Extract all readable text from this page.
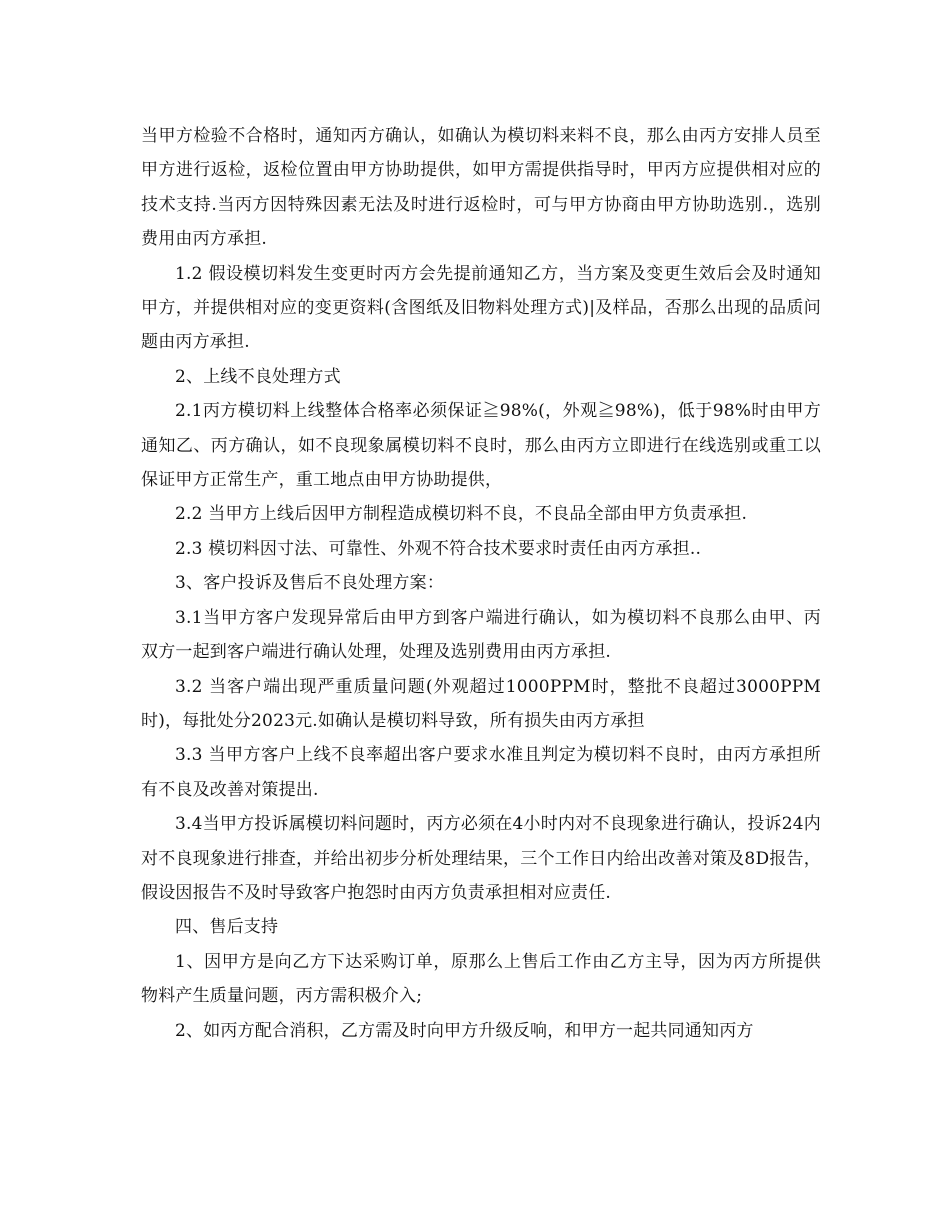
当甲方检验不合格时，通知丙方确认，如确认为模切料来料不良，那么由丙方安排人员至甲方进行返检，返检位置由甲方协助提供，如甲方需提供指导时，甲丙方应提供相对应的技术支持.当丙方因特殊因素无法及时进行返检时，可与甲方协商由甲方协助选别.，选别费用由丙方承担.

1.2 假设模切料发生变更时丙方会先提前通知乙方，当方案及变更生效后会及时通知甲方，并提供相对应的变更资料(含图纸及旧物料处理方式)|及样品，否那么出现的品质问题由丙方承担.

2、上线不良处理方式

2.1丙方模切料上线整体合格率必须保证≧98%(，外观≧98%)，低于98%时由甲方通知乙、丙方确认，如不良现象属模切料不良时，那么由丙方立即进行在线选别或重工以保证甲方正常生产，重工地点由甲方协助提供，

2.2 当甲方上线后因甲方制程造成模切料不良，不良品全部由甲方负责承担.

2.3 模切料因寸法、可靠性、外观不符合技术要求时责任由丙方承担..

3、客户投诉及售后不良处理方案：

3.1当甲方客户发现异常后由甲方到客户端进行确认，如为模切料不良那么由甲、丙双方一起到客户端进行确认处理，处理及选别费用由丙方承担.

3.2 当客户端出现严重质量问题(外观超过1000PPM时，整批不良超过3000PPM时)，每批处分2023元.如确认是模切料导致，所有损失由丙方承担

3.3 当甲方客户上线不良率超出客户要求水准且判定为模切料不良时，由丙方承担所有不良及改善对策提出.

3.4当甲方投诉属模切料问题时，丙方必须在4小时内对不良现象进行确认，投诉24内对不良现象进行排查，并给出初步分析处理结果，三个工作日内给出改善对策及8D报告，假设因报告不及时导致客户抱怨时由丙方负责承担相对应责任.

四、售后支持

1、因甲方是向乙方下达采购订单，原那么上售后工作由乙方主导，因为丙方所提供物料产生质量问题，丙方需积极介入;

2、如丙方配合消积，乙方需及时向甲方升级反响，和甲方一起共同通知丙方
